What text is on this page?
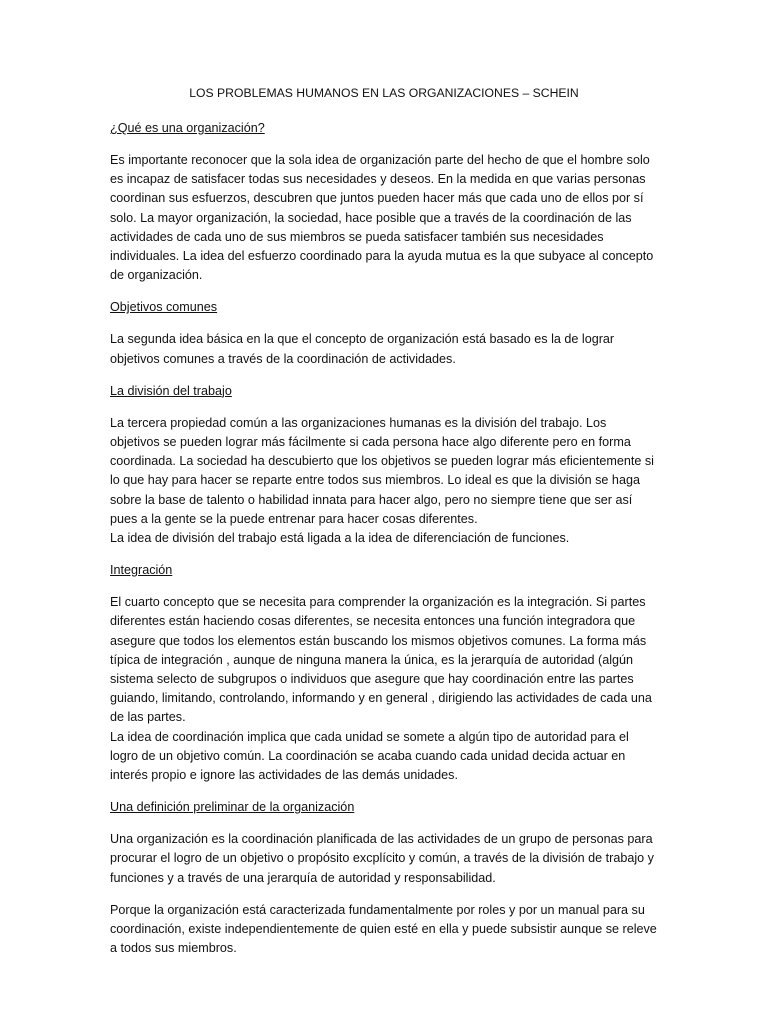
LOS PROBLEMAS HUMANOS EN LAS ORGANIZACIONES – SCHEIN
¿Qué es una organización?

Es importante reconocer que la sola idea de organización parte del hecho de que el hombre solo es incapaz de satisfacer todas sus necesidades y deseos. En la medida en que varias personas coordinan sus esfuerzos, descubren que juntos pueden hacer más que cada uno de ellos por sí solo. La mayor organización, la sociedad, hace posible que a través de la coordinación de las actividades de cada uno de sus miembros se pueda satisfacer también sus necesidades individuales. La idea del esfuerzo coordinado para la ayuda mutua es la que subyace al concepto de organización.

Objetivos comunes

La segunda idea básica en la que el concepto de organización está basado es la de lograr objetivos comunes a través de la coordinación de actividades.

La división del trabajo

La tercera propiedad común a las organizaciones humanas es la división del trabajo. Los objetivos se pueden lograr más fácilmente si cada persona hace algo diferente pero en forma coordinada. La sociedad ha descubierto que los objetivos se pueden lograr más eficientemente si lo que hay para hacer se reparte entre todos sus miembros. Lo ideal es que la división se haga sobre la base de talento o habilidad innata para hacer algo, pero no siempre tiene que ser así pues a la gente se la puede entrenar para hacer cosas diferentes.
La idea de división del trabajo está ligada a la idea de diferenciación de funciones.

Integración

El cuarto concepto que se necesita para comprender la organización es la integración. Si partes diferentes están haciendo cosas diferentes, se necesita entonces una función integradora que asegure que todos los elementos están buscando los mismos objetivos comunes. La forma más típica de integración , aunque de ninguna manera la única, es la jerarquía de autoridad (algún sistema selecto de subgrupos o individuos que asegure que hay coordinación entre las partes guiando, limitando, controlando, informando y en general , dirigiendo las actividades de cada una de las partes.
La idea de coordinación implica que cada unidad se somete a algún tipo de autoridad para el logro de un objetivo común. La coordinación se acaba cuando cada unidad decida actuar en interés propio e ignore las actividades de las demás unidades.

Una definición preliminar de la organización

Una organización es la coordinación planificada de las actividades de un grupo de personas para procurar el logro de un objetivo o propósito excplícito y común, a través de la división de trabajo y funciones y a través de una jerarquía de autoridad y responsabilidad.

Porque la organización está caracterizada fundamentalmente por roles y por un manual para su coordinación, existe independientemente de quien esté en ella y puede subsistir aunque se releve a todos sus miembros.
